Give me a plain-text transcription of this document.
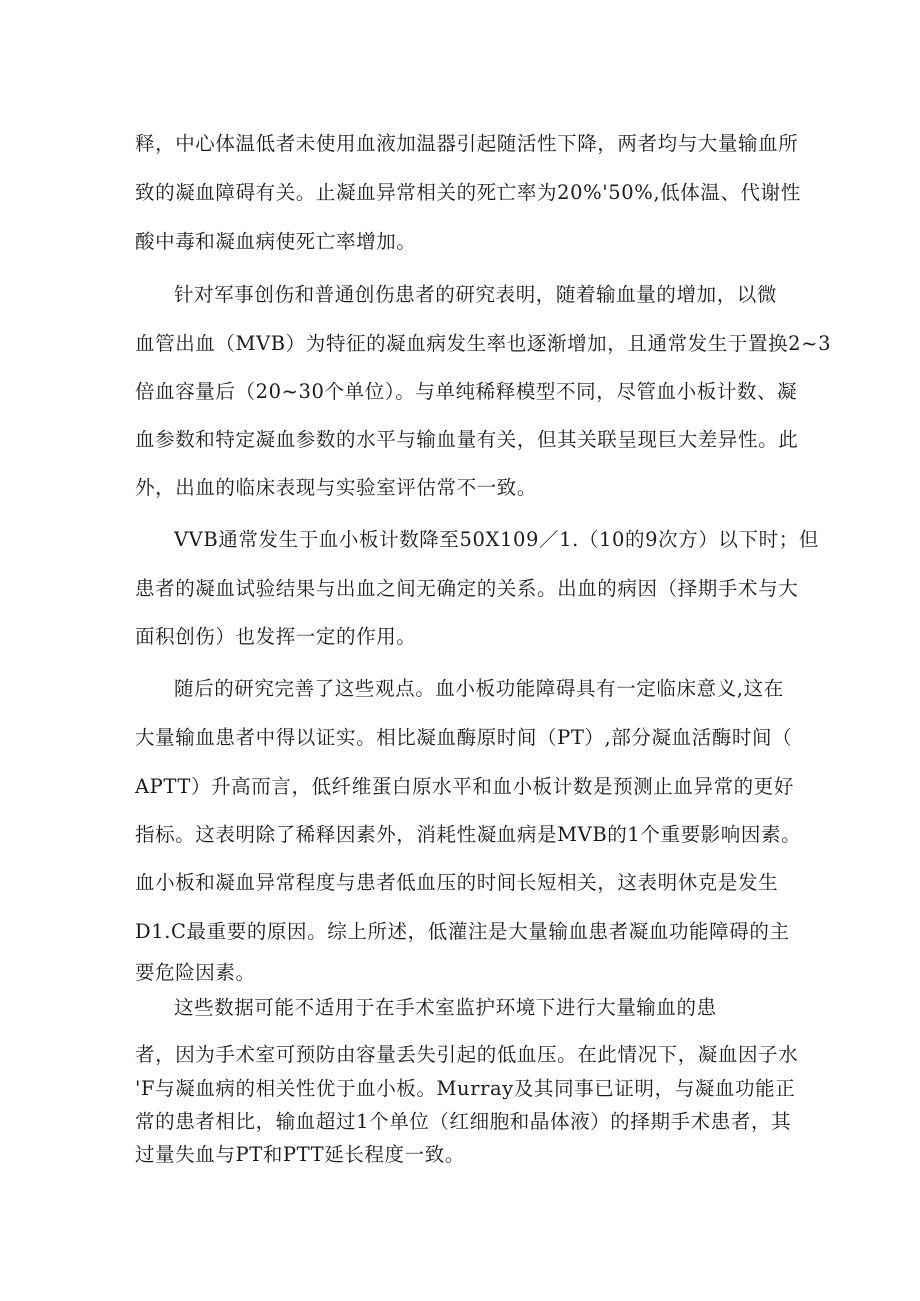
释，中心体温低者未使用血液加温器引起随活性下降，两者均与大量输血所
致的凝血障碍有关。止凝血异常相关的死亡率为20%'50%,低体温、代谢性
酸中毒和凝血病使死亡率增加。
针对军事创伤和普通创伤患者的研究表明，随着输血量的增加，以微
血管出血（MVB）为特征的凝血病发生率也逐渐增加，且通常发生于置换2~3
倍血容量后（20~30个单位）。与单纯稀释模型不同，尽管血小板计数、凝
血参数和特定凝血参数的水平与输血量有关，但其关联呈现巨大差异性。此
外，出血的临床表现与实验室评估常不一致。
VVB通常发生于血小板计数降至50X109／1.（10的9次方）以下时；但
患者的凝血试验结果与出血之间无确定的关系。出血的病因（择期手术与大
面积创伤）也发挥一定的作用。
随后的研究完善了这些观点。血小板功能障碍具有一定临床意义,这在
大量输血患者中得以证实。相比凝血酶原时间（PT）,部分凝血活酶时间（
APTT）升高而言，低纤维蛋白原水平和血小板计数是预测止血异常的更好
指标。这表明除了稀释因素外，消耗性凝血病是MVB的1个重要影响因素。
血小板和凝血异常程度与患者低血压的时间长短相关，这表明休克是发生
D1.C最重要的原因。综上所述，低灌注是大量输血患者凝血功能障碍的主
要危险因素。
这些数据可能不适用于在手术室监护环境下进行大量输血的患
者，因为手术室可预防由容量丢失引起的低血压。在此情况下，凝血因子水
'F与凝血病的相关性优于血小板。Murray及其同事已证明，与凝血功能正
常的患者相比，输血超过1个单位（红细胞和晶体液）的择期手术患者，其
过量失血与PT和PTT延长程度一致。
